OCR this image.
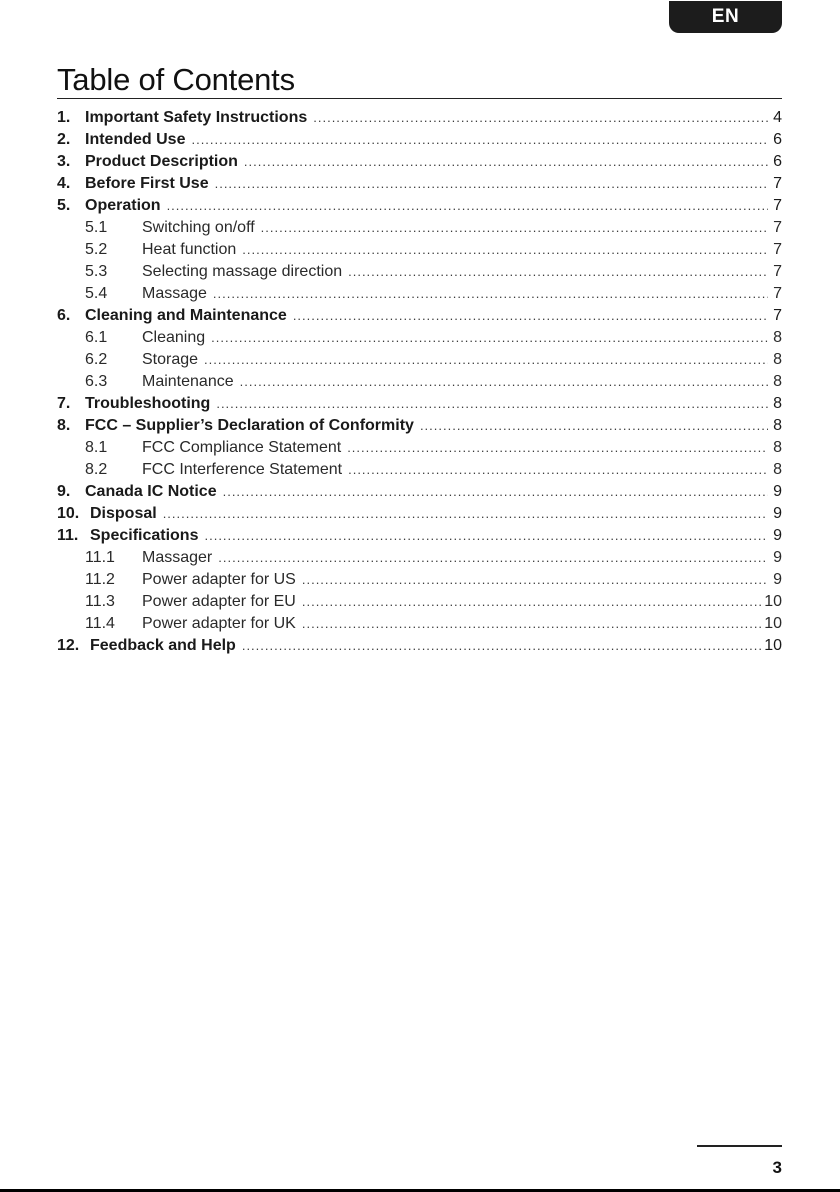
EN
Table of Contents
1. Important Safety Instructions .....	4
2. Intended Use .....	6
3. Product Description .....	6
4. Before First Use .....	7
5. Operation .....	7
5.1	Switching on/off .....	7
5.2	Heat function .....	7
5.3	Selecting massage direction .....	7
5.4	Massage .....	7
6. Cleaning and Maintenance .....	7
6.1	Cleaning .....	8
6.2	Storage .....	8
6.3	Maintenance .....	8
7. Troubleshooting .....	8
8. FCC – Supplier’s Declaration of Conformity .....	8
8.1	FCC Compliance Statement .....	8
8.2	FCC Interference Statement .....	8
9. Canada IC Notice .....	9
10. Disposal .....	9
11. Specifications .....	9
11.1	Massager .....	9
11.2	Power adapter for US .....	9
11.3	Power adapter for EU .....	10
11.4	Power adapter for UK .....	10
12. Feedback and Help .....	10
3
